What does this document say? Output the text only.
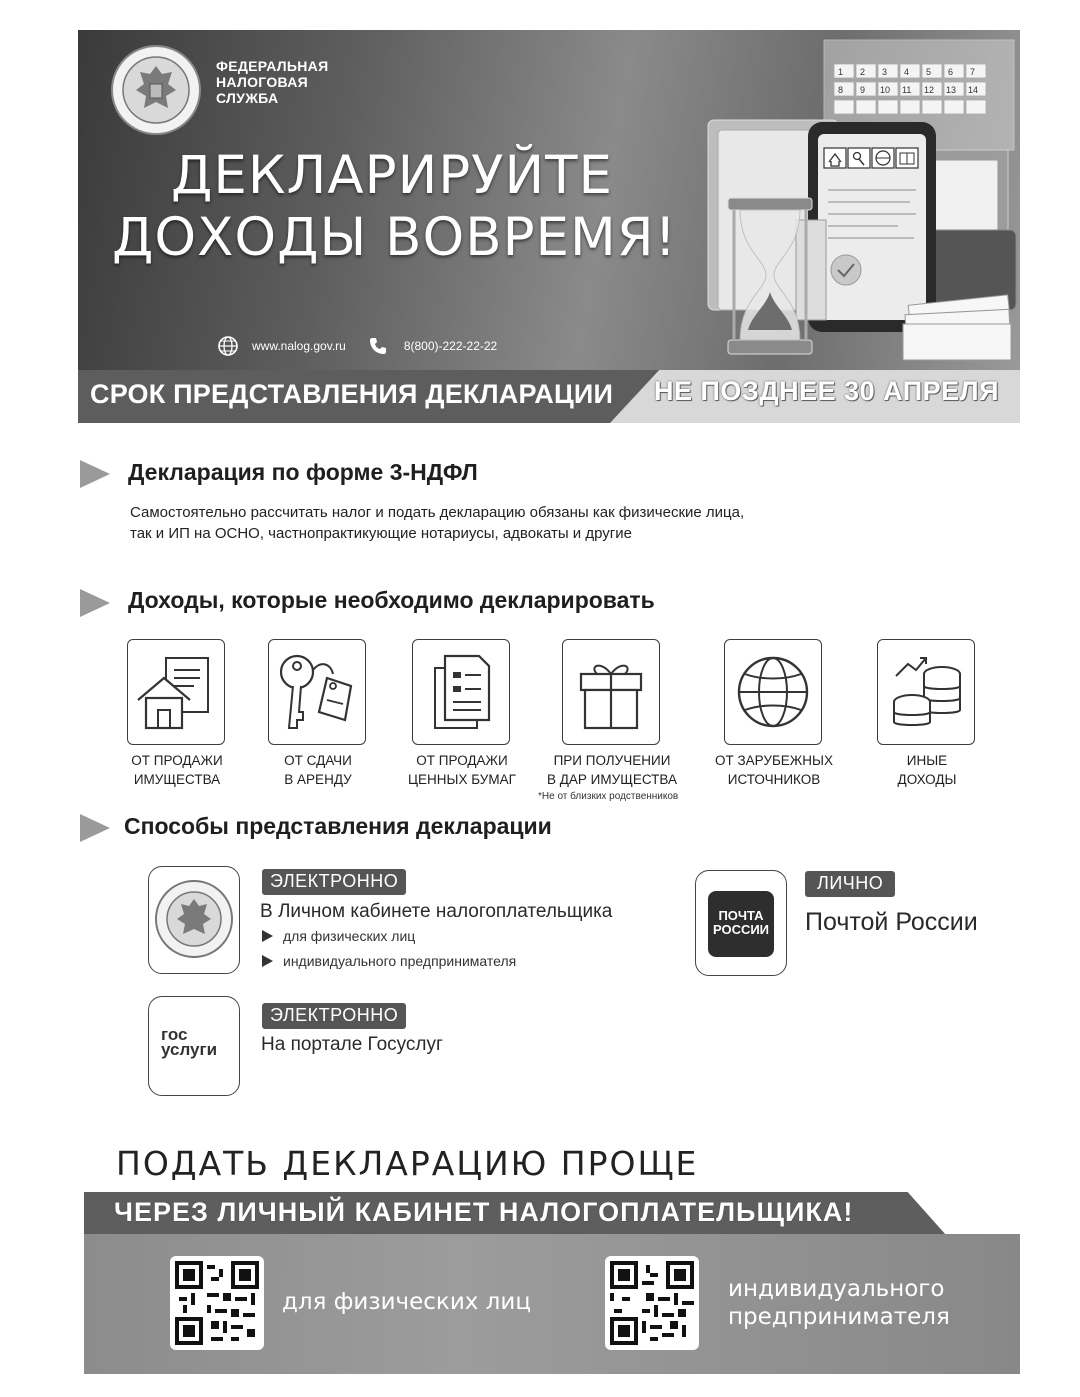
ФЕДЕРАЛЬНАЯ
НАЛОГОВАЯ
СЛУЖБА
ДЕКЛАРИРУЙТЕ
ДОХОДЫ ВОВРЕМЯ!
www.nalog.gov.ru	8(800)-222-22-22
1 2 3 4 5 6 7
8 9 10 11 12 13 14
СРОК ПРЕДСТАВЛЕНИЯ ДЕКЛАРАЦИИ НЕ ПОЗДНЕЕ 30 АПРЕЛЯ
Декларация по форме 3-НДФЛ
Самостоятельно рассчитать налог и подать декларацию обязаны как физические лица,
так и ИП на ОСНО, частнопрактикующие нотариусы, адвокаты и другие
Доходы, которые необходимо декларировать
ОТ ПРОДАЖИ
ИМУЩЕСТВА
ОТ СДАЧИ
В АРЕНДУ
ОТ ПРОДАЖИ
ЦЕННЫХ БУМАГ
ПРИ ПОЛУЧЕНИИ
В ДАР ИМУЩЕСТВА
ОТ ЗАРУБЕЖНЫХ
ИСТОЧНИКОВ
ИНЫЕ
ДОХОДЫ
*Не от близких родственников
Способы представления декларации
ЭЛЕКТРОННО
В Личном кабинете налогоплательщика
для физических лиц
индивидуального предпринимателя
гос
услуги
ЭЛЕКТРОННО
На портале Госуслуг
ПОЧТА
РОССИИ
ЛИЧНО
Почтой России
ПОДАТЬ ДЕКЛАРАЦИЮ ПРОЩЕ
ЧЕРЕЗ ЛИЧНЫЙ КАБИНЕТ НАЛОГОПЛАТЕЛЬЩИКА!
для физических лиц	индивидуального
предпринимателя
